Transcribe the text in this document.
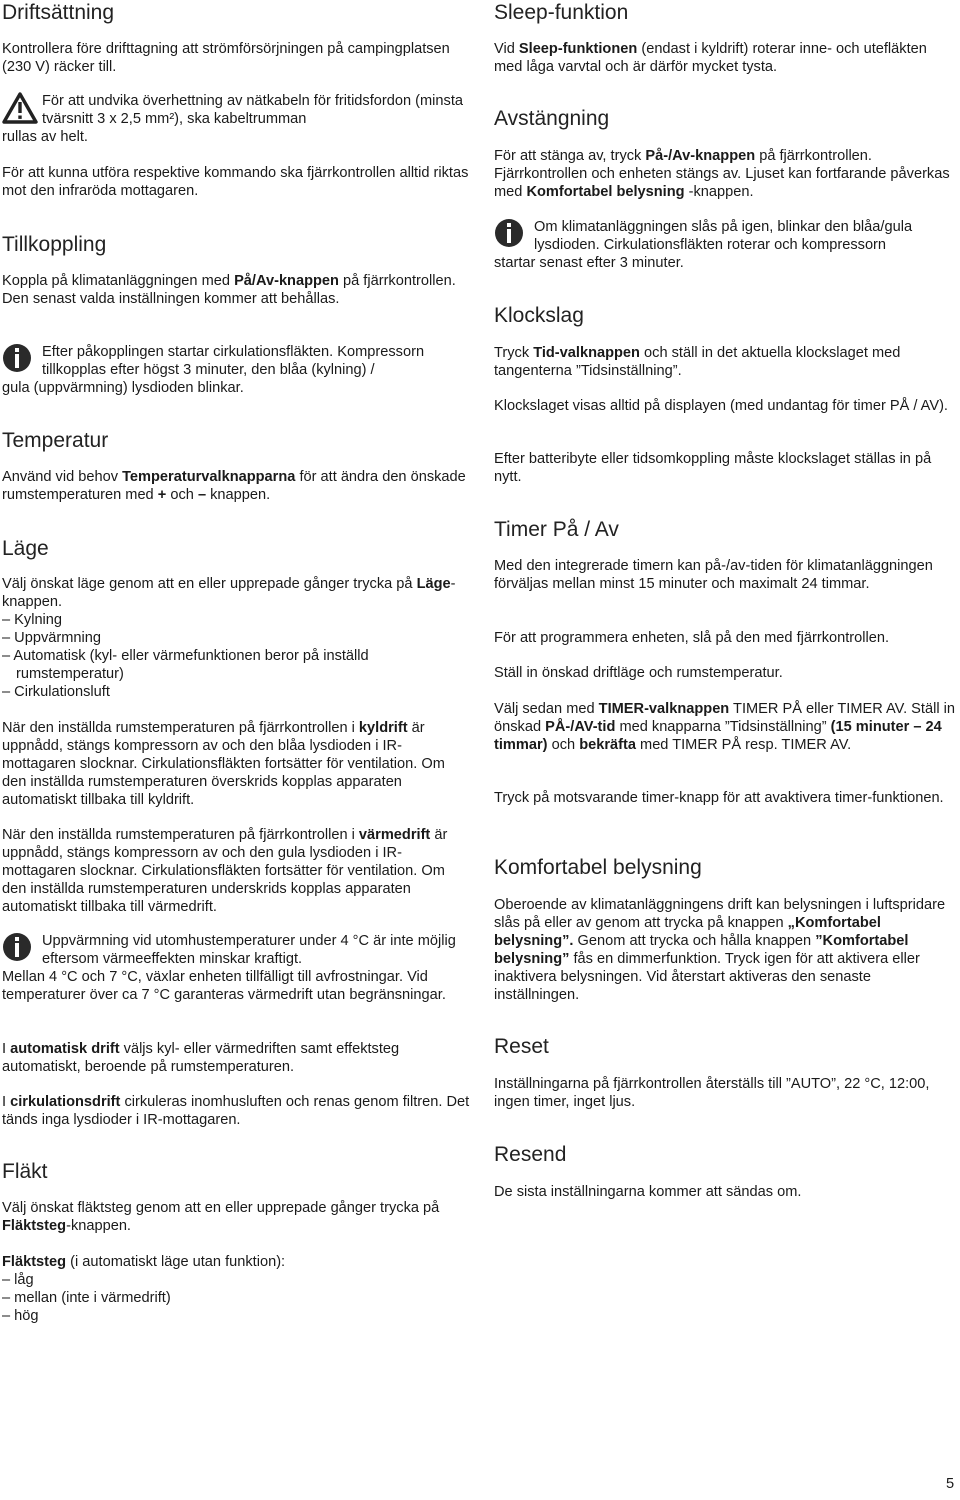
Driftsättning

Kontrollera före drifttagning att strömförsörjningen på campingplatsen (230 V) räcker till.

För att undvika överhettning av nätkabeln för fritidsfordon (minsta tvärsnitt 3 x 2,5 mm²), ska kabeltrumman
rullas av helt.

För att kunna utföra respektive kommando ska fjärrkontrollen alltid riktas mot den infraröda mottagaren.

Tillkoppling

Koppla på klimatanläggningen med På/Av-knappen på fjärrkontrollen. Den senast valda inställningen kommer att behållas.

Efter påkopplingen startar cirkulationsfläkten. Kompressorn tillkopplas efter högst 3 minuter, den blåa (kylning) /
gula (uppvärmning) lysdioden blinkar.

Temperatur

Använd vid behov Temperaturvalknapparna för att ändra den önskade rumstemperaturen med + och – knappen.

Läge

Välj önskat läge genom att en eller upprepade gånger trycka på Läge-knappen.

– Kylning

– Uppvärmning

– Automatisk (kyl- eller värmefunktionen beror på inställd rumstemperatur)

– Cirkulationsluft

När den inställda rumstemperaturen på fjärrkontrollen i kyldrift är uppnådd, stängs kompressorn av och den blåa lysdioden i IR-mottagaren slocknar. Cirkulationsfläkten fortsätter för ventilation. Om den inställda rumstemperaturen överskrids kopplas apparaten automatiskt tillbaka till kyldrift.

När den inställda rumstemperaturen på fjärrkontrollen i värmedrift är uppnådd, stängs kompressorn av och den gula lysdioden i IR-mottagaren slocknar. Cirkulationsfläkten fortsätter för ventilation. Om den inställda rumstemperaturen underskrids kopplas apparaten automatiskt tillbaka till värmedrift.

Uppvärmning vid utomhustemperaturer under 4 °C är inte möjlig eftersom värmeeffekten minskar kraftigt.
Mellan 4 °C och 7 °C, växlar enheten tillfälligt till avfrostningar. Vid temperaturer över ca 7 °C garanteras värmedrift utan begränsningar.

I automatisk drift väljs kyl- eller värmedriften samt effektsteg automatiskt, beroende på rumstemperaturen.

I cirkulationsdrift cirkuleras inomhusluften och renas genom filtren. Det tänds inga lysdioder i IR-mottagaren.

Fläkt

Välj önskat fläktsteg genom att en eller upprepade gånger trycka på Fläktsteg-knappen.

Fläktsteg (i automatiskt läge utan funktion):

– låg

– mellan (inte i värmedrift)

– hög

Sleep-funktion

Vid Sleep-funktionen (endast i kyldrift) roterar inne- och utefläkten med låga varvtal och är därför mycket tysta.

Avstängning

För att stänga av, tryck På-/Av-knappen på fjärrkontrollen. Fjärrkontrollen och enheten stängs av. Ljuset kan fortfarande påverkas med Komfortabel belysning -knappen.

Om klimatanläggningen slås på igen, blinkar den blåa/gula lysdioden. Cirkulationsfläkten roterar och kompressorn
startar senast efter 3 minuter.

Klockslag

Tryck Tid-valknappen och ställ in det aktuella klockslaget med tangenterna ”Tidsinställning”.

Klockslaget visas alltid på displayen (med undantag för timer PÅ / AV).

Efter batteribyte eller tidsomkoppling måste klockslaget ställas in på nytt.

Timer På / Av

Med den integrerade timern kan på-/av-tiden för klimatanläggningen förväljas mellan minst 15 minuter och maximalt 24 timmar.

För att programmera enheten, slå på den med fjärrkontrollen.

Ställ in önskad driftläge och rumstemperatur.

Välj sedan med TIMER-valknappen TIMER PÅ eller TIMER AV. Ställ in önskad PÅ-/AV-tid med knapparna ”Tidsinställning” (15 minuter – 24 timmar) och bekräfta med TIMER PÅ resp. TIMER AV.

Tryck på motsvarande timer-knapp för att avaktivera timer-funktionen.

Komfortabel belysning

Oberoende av klimatanläggningens drift kan belysningen i luftspridare slås på eller av genom att trycka på knappen „Komfortabel belysning”. Genom att trycka och hålla knappen ”Komfortabel belysning” fås en dimmerfunktion. Tryck igen för att aktivera eller inaktivera belysningen. Vid återstart aktiveras den senaste inställningen.

Reset

Inställningarna på fjärrkontrollen återställs till ”AUTO”, 22 °C, 12:00, ingen timer, inget ljus.

Resend

De sista inställningarna kommer att sändas om.

5
